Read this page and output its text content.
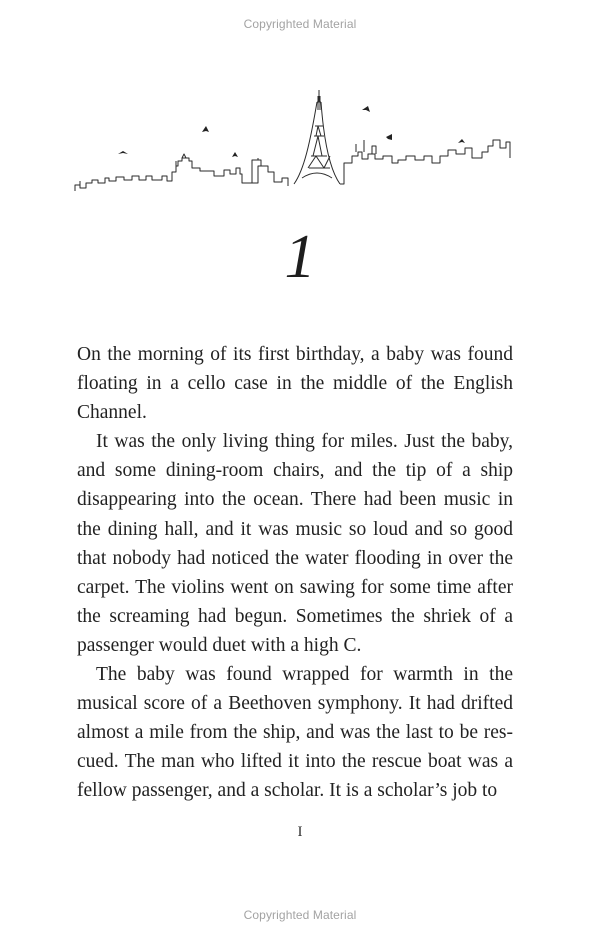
Copyrighted Material
1

On the morning of its first birthday, a baby was found floating in a cello case in the middle of the English Channel.

It was the only living thing for miles. Just the baby, and some dining-room chairs, and the tip of a ship disappearing into the ocean. There had been music in the dining hall, and it was music so loud and so good that nobody had noticed the water flooding in over the carpet. The violins went on sawing for some time after the screaming had begun. Sometimes the shriek of a passenger would duet with a high C.

The baby was found wrapped for warmth in the musical score of a Beethoven symphony. It had drifted almost a mile from the ship, and was the last to be rescued. The man who lifted it into the rescue boat was a fellow passenger, and a scholar. It is a scholar’s job to

I
Copyrighted Material
